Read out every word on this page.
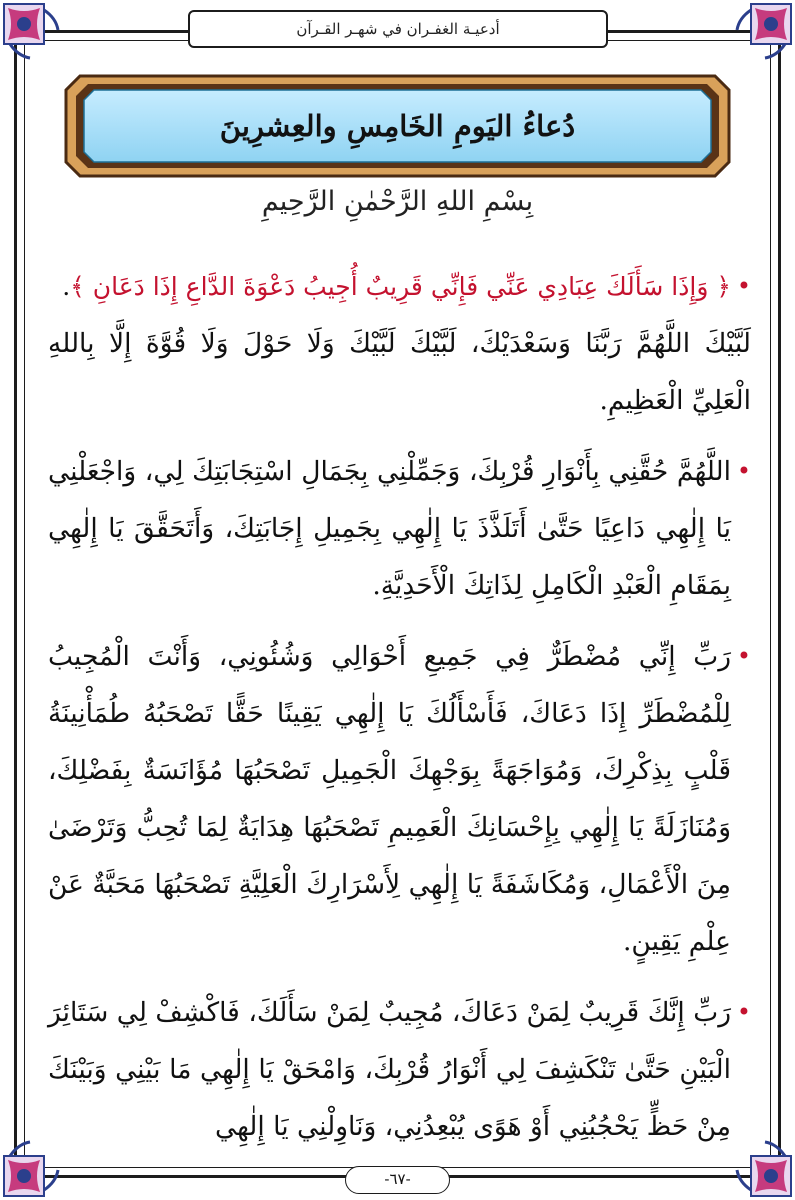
أدعيـة الغفـران في شهـر القـرآن
دُعاءُ اليَومِ الخَامِسِ والعِشرِينَ
بِسْمِ اللهِ الرَّحْمٰنِ الرَّحِيمِ

•
﴿ وَإِذَا سَأَلَكَ عِبَادِي عَنِّي فَإِنِّي قَرِيبٌ أُجِيبُ دَعْوَةَ الدَّاعِ إِذَا دَعَانِ ﴾.

لَبَّيْكَ اللَّهُمَّ رَبَّنَا وَسَعْدَيْكَ، لَبَّيْكَ لَبَّيْكَ وَلَا حَوْلَ وَلَا قُوَّةَ إِلَّا بِاللهِ الْعَلِيِّ الْعَظِيمِ.

•
اللَّهُمَّ حُقَّنِي بِأَنْوَارِ قُرْبِكَ، وَجَمِّلْنِي بِجَمَالِ اسْتِجَابَتِكَ لِي، وَاجْعَلْنِي يَا إِلٰهِي دَاعِيًا حَتَّىٰ أَتَلَذَّذَ يَا إِلٰهِي بِجَمِيلِ إِجَابَتِكَ، وَأَتَحَقَّقَ يَا إِلٰهِي بِمَقَامِ الْعَبْدِ الْكَامِلِ لِذَاتِكَ الْأَحَدِيَّةِ.

•
رَبِّ إِنِّي مُضْطَرٌّ فِي جَمِيعِ أَحْوَالِي وَشُئُونِي، وَأَنْتَ الْمُجِيبُ لِلْمُضْطَرِّ إِذَا دَعَاكَ، فَأَسْأَلُكَ يَا إِلٰهِي يَقِينًا حَقًّا تَصْحَبُهُ طُمَأْنِينَةُ قَلْبٍ بِذِكْرِكَ، وَمُوَاجَهَةً بِوَجْهِكَ الْجَمِيلِ تَصْحَبُهَا مُؤَانَسَةٌ بِفَضْلِكَ، وَمُنَازَلَةً يَا إِلٰهِي بِإِحْسَانِكَ الْعَمِيمِ تَصْحَبُهَا هِدَايَةٌ لِمَا تُحِبُّ وَتَرْضَىٰ مِنَ الْأَعْمَالِ، وَمُكَاشَفَةً يَا إِلٰهِي لِأَسْرَارِكَ الْعَلِيَّةِ تَصْحَبُهَا مَحَبَّةٌ عَنْ عِلْمِ يَقِينٍ.

•
رَبِّ إِنَّكَ قَرِيبٌ لِمَنْ دَعَاكَ، مُجِيبٌ لِمَنْ سَأَلَكَ، فَاكْشِفْ لِي سَتَائِرَ الْبَيْنِ حَتَّىٰ تَنْكَشِفَ لِي أَنْوَارُ قُرْبِكَ، وَامْحَقْ يَا إِلٰهِي مَا بَيْنِي وَبَيْنَكَ مِنْ حَظٍّ يَحْجُبُنِي أَوْ هَوًى يُبْعِدُنِي، وَنَاوِلْنِي يَا إِلٰهِي

-٦٧-
